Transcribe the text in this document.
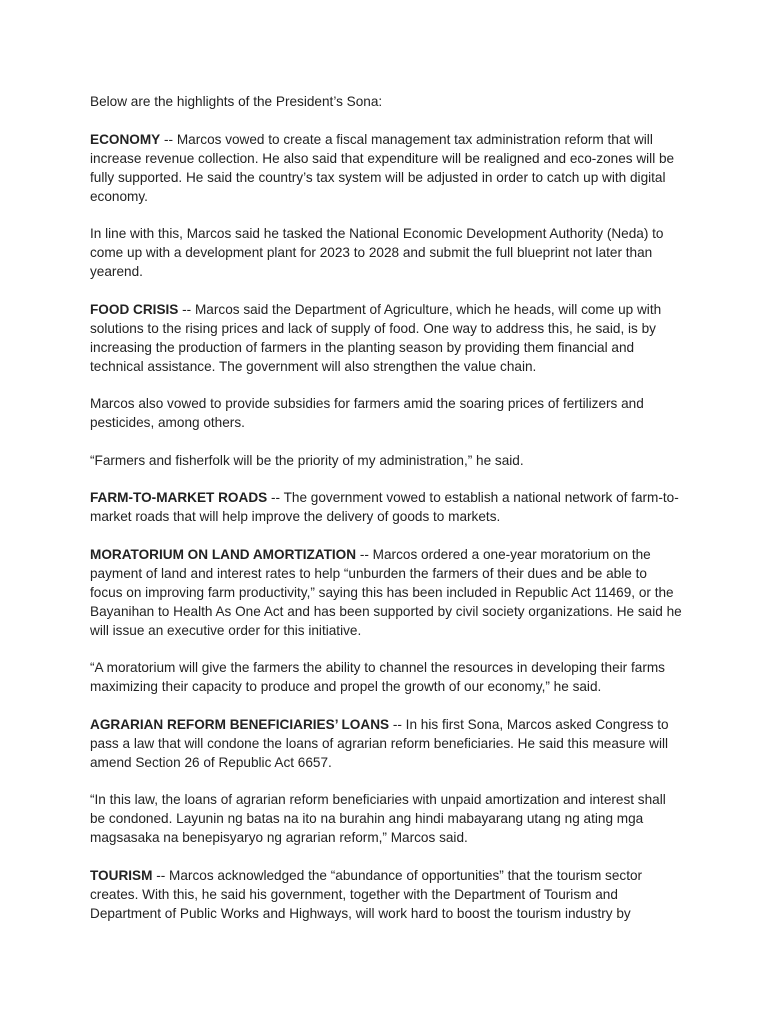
Below are the highlights of the President’s Sona:

ECONOMY -- Marcos vowed to create a fiscal management tax administration reform that will increase revenue collection. He also said that expenditure will be realigned and eco-zones will be fully supported. He said the country’s tax system will be adjusted in order to catch up with digital economy.

In line with this, Marcos said he tasked the National Economic Development Authority (Neda) to come up with a development plant for 2023 to 2028 and submit the full blueprint not later than yearend.

FOOD CRISIS -- Marcos said the Department of Agriculture, which he heads, will come up with solutions to the rising prices and lack of supply of food. One way to address this, he said, is by increasing the production of farmers in the planting season by providing them financial and technical assistance. The government will also strengthen the value chain.

Marcos also vowed to provide subsidies for farmers amid the soaring prices of fertilizers and pesticides, among others.

“Farmers and fisherfolk will be the priority of my administration,” he said.

FARM-TO-MARKET ROADS -- The government vowed to establish a national network of farm-to-market roads that will help improve the delivery of goods to markets.

MORATORIUM ON LAND AMORTIZATION -- Marcos ordered a one-year moratorium on the payment of land and interest rates to help “unburden the farmers of their dues and be able to focus on improving farm productivity,” saying this has been included in Republic Act 11469, or the Bayanihan to Health As One Act and has been supported by civil society organizations. He said he will issue an executive order for this initiative.

“A moratorium will give the farmers the ability to channel the resources in developing their farms maximizing their capacity to produce and propel the growth of our economy,” he said.

AGRARIAN REFORM BENEFICIARIES’ LOANS -- In his first Sona, Marcos asked Congress to pass a law that will condone the loans of agrarian reform beneficiaries. He said this measure will amend Section 26 of Republic Act 6657.

“In this law, the loans of agrarian reform beneficiaries with unpaid amortization and interest shall be condoned. Layunin ng batas na ito na burahin ang hindi mabayarang utang ng ating mga magsasaka na benepisyaryo ng agrarian reform,” Marcos said.

TOURISM -- Marcos acknowledged the “abundance of opportunities” that the tourism sector creates. With this, he said his government, together with the Department of Tourism and Department of Public Works and Highways, will work hard to boost the tourism industry by
